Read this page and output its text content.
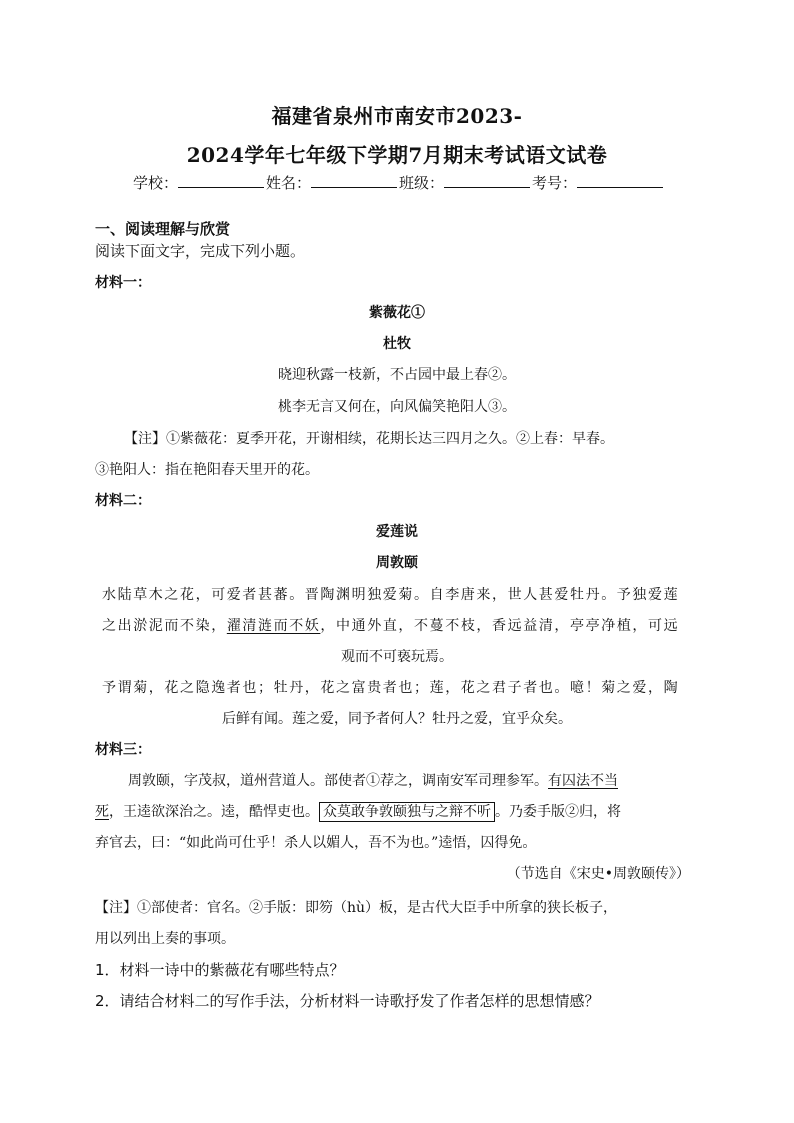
福建省泉州市南安市2023-
2024学年七年级下学期7月期末考试语文试卷
学校：	姓名：	班级：	考号：
一、阅读理解与欣赏
阅读下面文字，完成下列小题。
材料一：
紫薇花①
杜牧
晓迎秋露一枝新，不占园中最上春②。
桃李无言又何在，向风偏笑艳阳人③。
【注】①紫薇花：夏季开花，开谢相续，花期长达三四月之久。②上春：早春。
③艳阳人：指在艳阳春天里开的花。
材料二：
爱莲说
周敦颐
水陆草木之花，可爱者甚蕃。晋陶渊明独爱菊。自李唐来，世人甚爱牡丹。予独爱莲
之出淤泥而不染，濯清涟而不妖，中通外直，不蔓不枝，香远益清，亭亭净植，可远
观而不可亵玩焉。
予谓菊，花之隐逸者也；牡丹，花之富贵者也；莲，花之君子者也。噫！菊之爱，陶
后鲜有闻。莲之爱，同予者何人？牡丹之爱，宜乎众矣。
材料三：
周敦颐，字茂叔，道州营道人。部使者①荐之，调南安军司理参军。有囚法不当
死，王逵欲深治之。逵，酷悍吏也。 众莫敢争敦颐独与之辩不听 。乃委手版②归，将
弃官去，曰：“如此尚可仕乎！杀人以媚人，吾不为也。”逵悟，囚得免。
（节选自《宋史•周敦颐传》）
【注】①部使者：官名。②手版：即笏（hù）板，是古代大臣手中所拿的狭长板子，
用以列出上奏的事项。
1．材料一诗中的紫薇花有哪些特点？
2．请结合材料二的写作手法，分析材料一诗歌抒发了作者怎样的思想情感？
